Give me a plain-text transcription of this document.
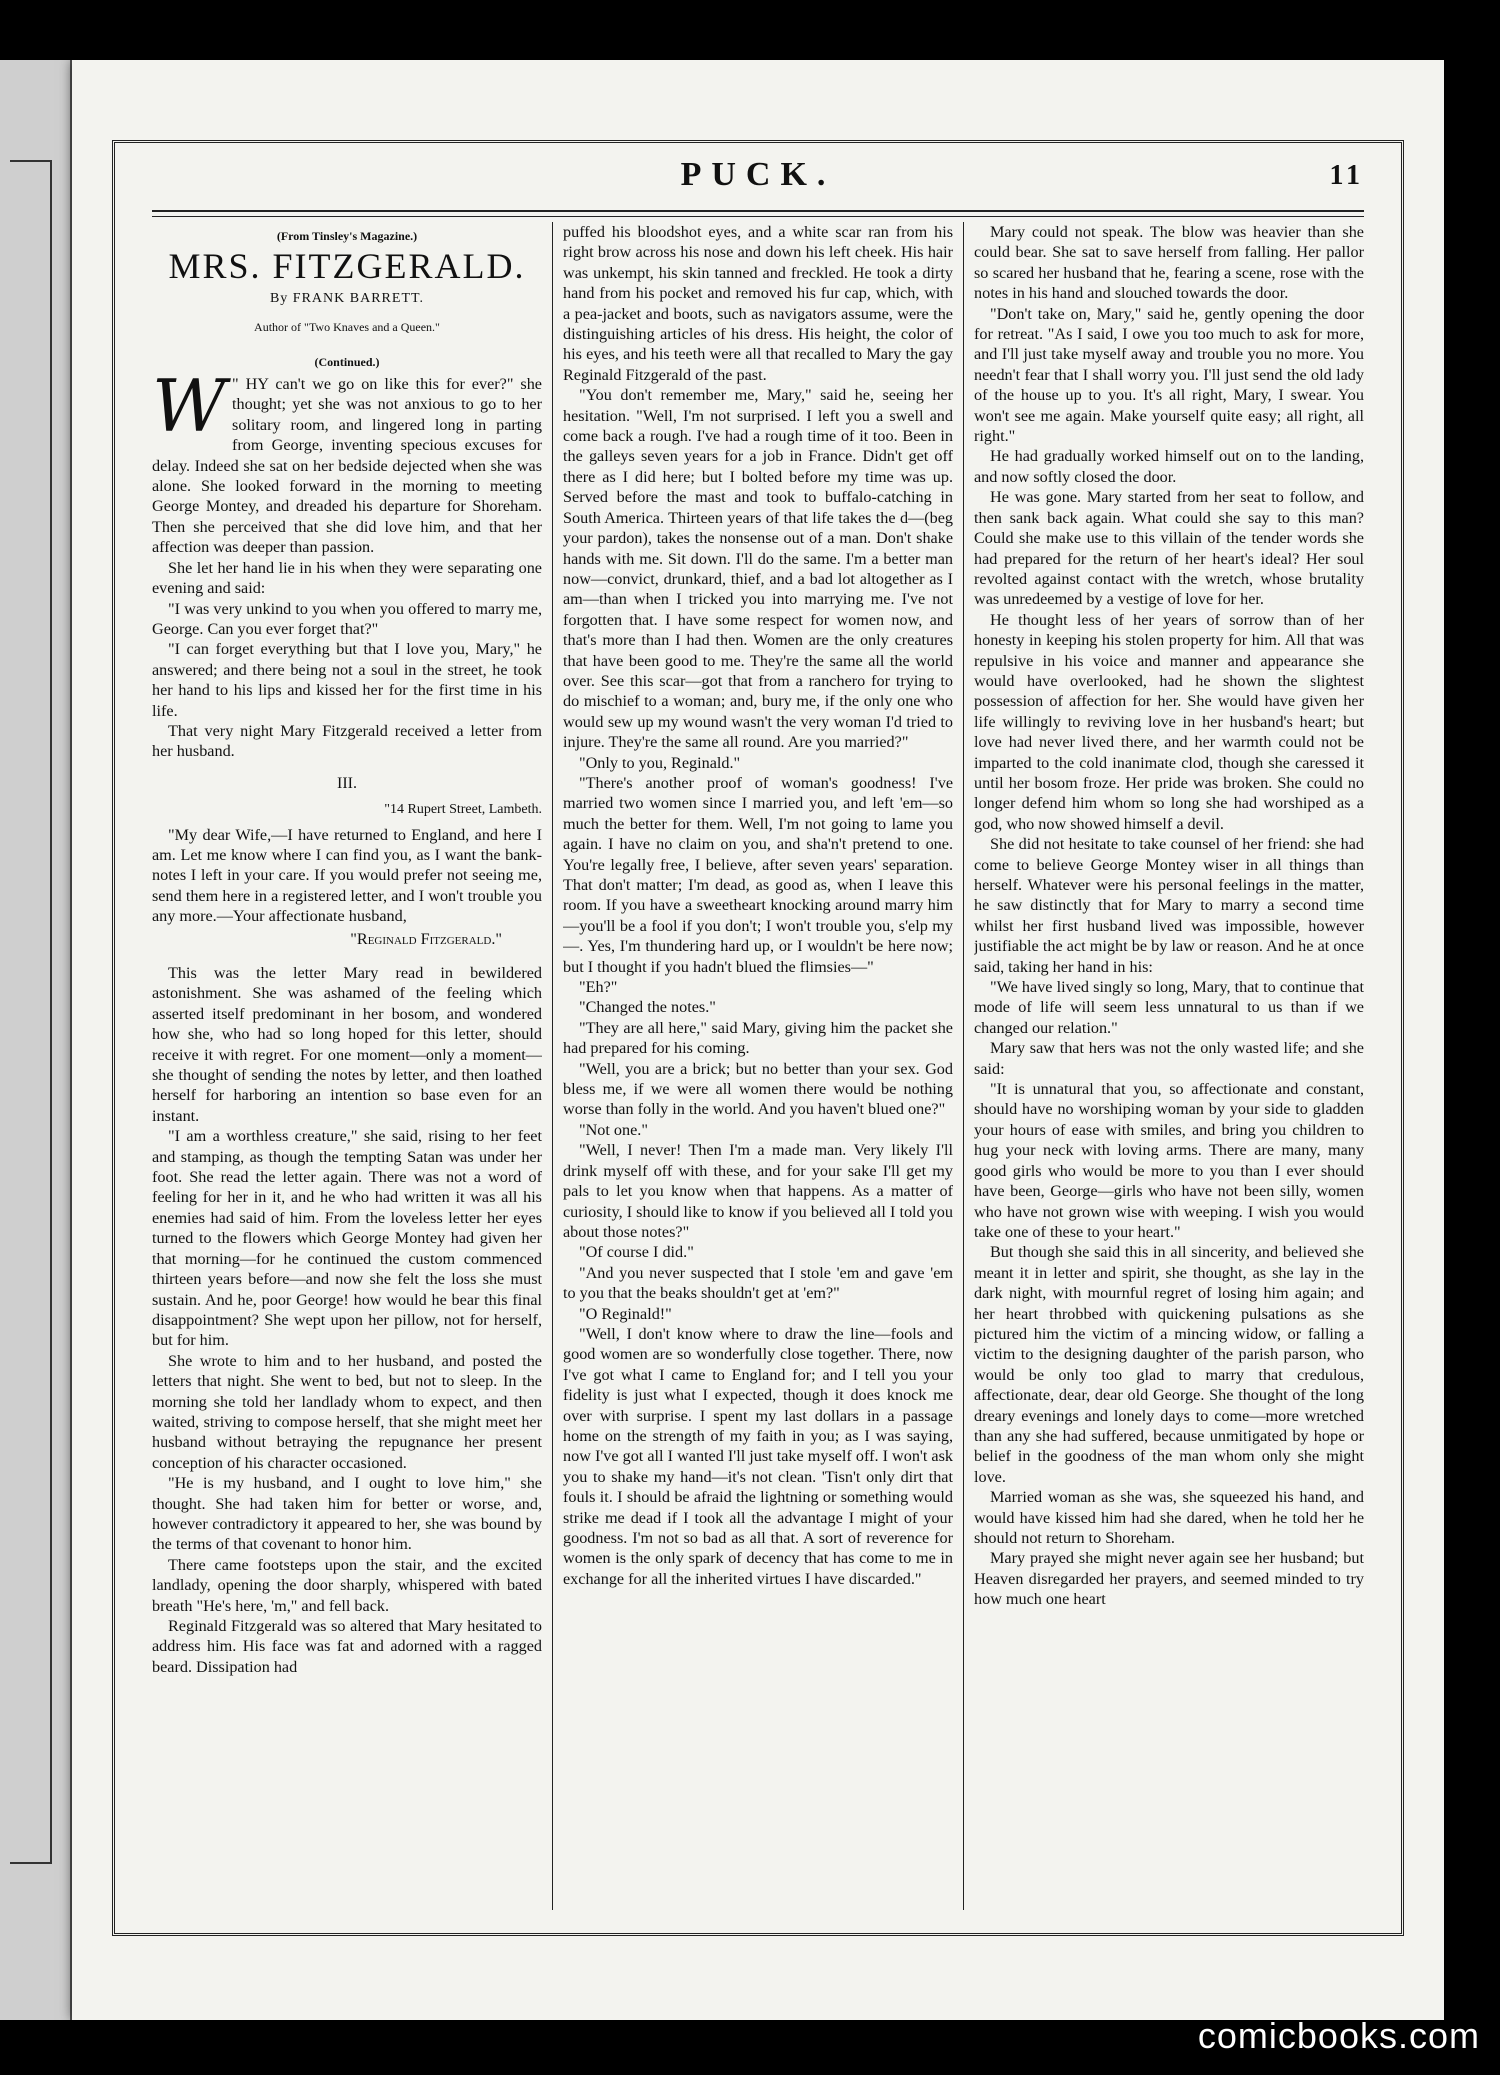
PUCK.	11
(From Tinsley's Magazine.)
MRS. FITZGERALD.
By FRANK BARRETT.
Author of "Two Knaves and a Queen."
(Continued.)

W " HY can't we go on like this for ever?" she thought; yet she was not anxious to go to her solitary room, and lingered long in parting from George, inventing specious excuses for delay. Indeed she sat on her bedside dejected when she was alone. She looked forward in the morning to meeting George Montey, and dreaded his departure for Shoreham. Then she perceived that she did love him, and that her affection was deeper than passion.

She let her hand lie in his when they were separating one evening and said:

"I was very unkind to you when you offered to marry me, George. Can you ever forget that?"

"I can forget everything but that I love you, Mary," he answered; and there being not a soul in the street, he took her hand to his lips and kissed her for the first time in his life.

That very night Mary Fitzgerald received a letter from her husband.

III.
"14 Rupert Street, Lambeth.

"My dear Wife,—I have returned to England, and here I am. Let me know where I can find you, as I want the bank-notes I left in your care. If you would prefer not seeing me, send them here in a registered letter, and I won't trouble you any more.—Your affectionate husband,

"Reginald Fitzgerald."

This was the letter Mary read in bewildered astonishment. She was ashamed of the feeling which asserted itself predominant in her bosom, and wondered how she, who had so long hoped for this letter, should receive it with regret. For one moment—only a moment—she thought of sending the notes by letter, and then loathed herself for harboring an intention so base even for an instant.

"I am a worthless creature," she said, rising to her feet and stamping, as though the tempting Satan was under her foot. She read the letter again. There was not a word of feeling for her in it, and he who had written it was all his enemies had said of him. From the loveless letter her eyes turned to the flowers which George Montey had given her that morning—for he continued the custom commenced thirteen years before—and now she felt the loss she must sustain. And he, poor George! how would he bear this final disappointment? She wept upon her pillow, not for herself, but for him.

She wrote to him and to her husband, and posted the letters that night. She went to bed, but not to sleep. In the morning she told her landlady whom to expect, and then waited, striving to compose herself, that she might meet her husband without betraying the repugnance her present conception of his character occasioned.

"He is my husband, and I ought to love him," she thought. She had taken him for better or worse, and, however contradictory it appeared to her, she was bound by the terms of that covenant to honor him.

There came footsteps upon the stair, and the excited landlady, opening the door sharply, whispered with bated breath "He's here, 'm," and fell back.

Reginald Fitzgerald was so altered that Mary hesitated to address him. His face was fat and adorned with a ragged beard. Dissipation had

puffed his bloodshot eyes, and a white scar ran from his right brow across his nose and down his left cheek. His hair was unkempt, his skin tanned and freckled. He took a dirty hand from his pocket and removed his fur cap, which, with a pea-jacket and boots, such as navigators assume, were the distinguishing articles of his dress. His height, the color of his eyes, and his teeth were all that recalled to Mary the gay Reginald Fitzgerald of the past.

"You don't remember me, Mary," said he, seeing her hesitation. "Well, I'm not surprised. I left you a swell and come back a rough. I've had a rough time of it too. Been in the galleys seven years for a job in France. Didn't get off there as I did here; but I bolted before my time was up. Served before the mast and took to buffalo-catching in South America. Thirteen years of that life takes the d—(beg your pardon), takes the nonsense out of a man. Don't shake hands with me. Sit down. I'll do the same. I'm a better man now—convict, drunkard, thief, and a bad lot altogether as I am—than when I tricked you into marrying me. I've not forgotten that. I have some respect for women now, and that's more than I had then. Women are the only creatures that have been good to me. They're the same all the world over. See this scar—got that from a ranchero for trying to do mischief to a woman; and, bury me, if the only one who would sew up my wound wasn't the very woman I'd tried to injure. They're the same all round. Are you married?"

"Only to you, Reginald."

"There's another proof of woman's goodness! I've married two women since I married you, and left 'em—so much the better for them. Well, I'm not going to lame you again. I have no claim on you, and sha'n't pretend to one. You're legally free, I believe, after seven years' separation. That don't matter; I'm dead, as good as, when I leave this room. If you have a sweetheart knocking around marry him—you'll be a fool if you don't; I won't trouble you, s'elp my—. Yes, I'm thundering hard up, or I wouldn't be here now; but I thought if you hadn't blued the flimsies—"

"Eh?"

"Changed the notes."

"They are all here," said Mary, giving him the packet she had prepared for his coming.

"Well, you are a brick; but no better than your sex. God bless me, if we were all women there would be nothing worse than folly in the world. And you haven't blued one?"

"Not one."

"Well, I never! Then I'm a made man. Very likely I'll drink myself off with these, and for your sake I'll get my pals to let you know when that happens. As a matter of curiosity, I should like to know if you believed all I told you about those notes?"

"Of course I did."

"And you never suspected that I stole 'em and gave 'em to you that the beaks shouldn't get at 'em?"

"O Reginald!"

"Well, I don't know where to draw the line—fools and good women are so wonderfully close together. There, now I've got what I came to England for; and I tell you your fidelity is just what I expected, though it does knock me over with surprise. I spent my last dollars in a passage home on the strength of my faith in you; as I was saying, now I've got all I wanted I'll just take myself off. I won't ask you to shake my hand—it's not clean. 'Tisn't only dirt that fouls it. I should be afraid the lightning or something would strike me dead if I took all the advantage I might of your goodness. I'm not so bad as all that. A sort of reverence for women is the only spark of decency that has come to me in exchange for all the inherited virtues I have discarded."

Mary could not speak. The blow was heavier than she could bear. She sat to save herself from falling. Her pallor so scared her husband that he, fearing a scene, rose with the notes in his hand and slouched towards the door.

"Don't take on, Mary," said he, gently opening the door for retreat. "As I said, I owe you too much to ask for more, and I'll just take myself away and trouble you no more. You needn't fear that I shall worry you. I'll just send the old lady of the house up to you. It's all right, Mary, I swear. You won't see me again. Make yourself quite easy; all right, all right."

He had gradually worked himself out on to the landing, and now softly closed the door.

He was gone. Mary started from her seat to follow, and then sank back again. What could she say to this man? Could she make use to this villain of the tender words she had prepared for the return of her heart's ideal? Her soul revolted against contact with the wretch, whose brutality was unredeemed by a vestige of love for her.

He thought less of her years of sorrow than of her honesty in keeping his stolen property for him. All that was repulsive in his voice and manner and appearance she would have overlooked, had he shown the slightest possession of affection for her. She would have given her life willingly to reviving love in her husband's heart; but love had never lived there, and her warmth could not be imparted to the cold inanimate clod, though she caressed it until her bosom froze. Her pride was broken. She could no longer defend him whom so long she had worshiped as a god, who now showed himself a devil.

She did not hesitate to take counsel of her friend: she had come to believe George Montey wiser in all things than herself. Whatever were his personal feelings in the matter, he saw distinctly that for Mary to marry a second time whilst her first husband lived was impossible, however justifiable the act might be by law or reason. And he at once said, taking her hand in his:

"We have lived singly so long, Mary, that to continue that mode of life will seem less unnatural to us than if we changed our relation."

Mary saw that hers was not the only wasted life; and she said:

"It is unnatural that you, so affectionate and constant, should have no worshiping woman by your side to gladden your hours of ease with smiles, and bring you children to hug your neck with loving arms. There are many, many good girls who would be more to you than I ever should have been, George—girls who have not been silly, women who have not grown wise with weeping. I wish you would take one of these to your heart."

But though she said this in all sincerity, and believed she meant it in letter and spirit, she thought, as she lay in the dark night, with mournful regret of losing him again; and her heart throbbed with quickening pulsations as she pictured him the victim of a mincing widow, or falling a victim to the designing daughter of the parish parson, who would be only too glad to marry that credulous, affectionate, dear, dear old George. She thought of the long dreary evenings and lonely days to come—more wretched than any she had suffered, because unmitigated by hope or belief in the goodness of the man whom only she might love.

Married woman as she was, she squeezed his hand, and would have kissed him had she dared, when he told her he should not return to Shoreham.

Mary prayed she might never again see her husband; but Heaven disregarded her prayers, and seemed minded to try how much one heart

comicbooks.com
